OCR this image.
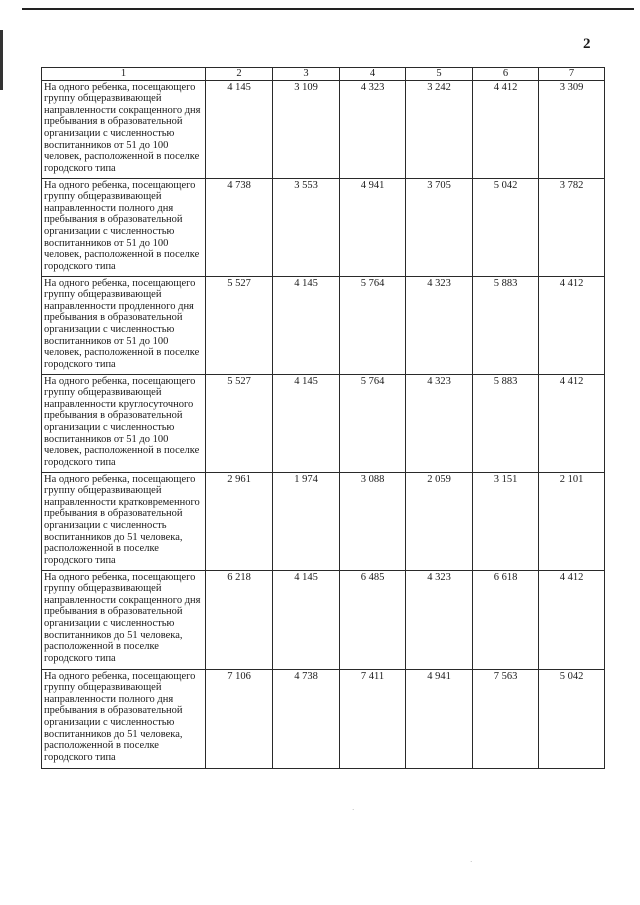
2
1	2	3	4	5	6	7
На одного ребенка, посещающего группу общеразвивающей направленности сокращенного дня пребывания в образовательной организации с численностью воспитанников от 51 до 100 человек, расположенной в поселке городского типа	4 145	3 109	4 323	3 242	4 412	3 309
На одного ребенка, посещающего группу общеразвивающей направленности полного дня пребывания в образовательной организации с численностью воспитанников от 51 до 100 человек, расположенной в поселке городского типа	4 738	3 553	4 941	3 705	5 042	3 782
На одного ребенка, посещающего группу общеразвивающей направленности продленного дня пребывания в образовательной организации с численностью воспитанников от 51 до 100 человек, расположенной в поселке городского типа	5 527	4 145	5 764	4 323	5 883	4 412
На одного ребенка, посещающего группу общеразвивающей направленности круглосуточного пребывания в образовательной организации с численностью воспитанников от 51 до 100 человек, расположенной в поселке городского типа	5 527	4 145	5 764	4 323	5 883	4 412
На одного ребенка, посещающего группу общеразвивающей направленности кратковременного пребывания в образовательной организации с численность воспитанников до 51 человека, расположенной в поселке городского типа	2 961	1 974	3 088	2 059	3 151	2 101
На одного ребенка, посещающего группу общеразвивающей направленности сокращенного дня пребывания в образовательной организации с численностью воспитанников до 51 человека, расположенной в поселке городского типа	6 218	4 145	6 485	4 323	6 618	4 412
На одного ребенка, посещающего группу общеразвивающей направленности полного дня пребывания в образовательной организации с численностью воспитанников до 51 человека, расположенной в поселке городского типа	7 106	4 738	7 411	4 941	7 563	5 042
·
·
